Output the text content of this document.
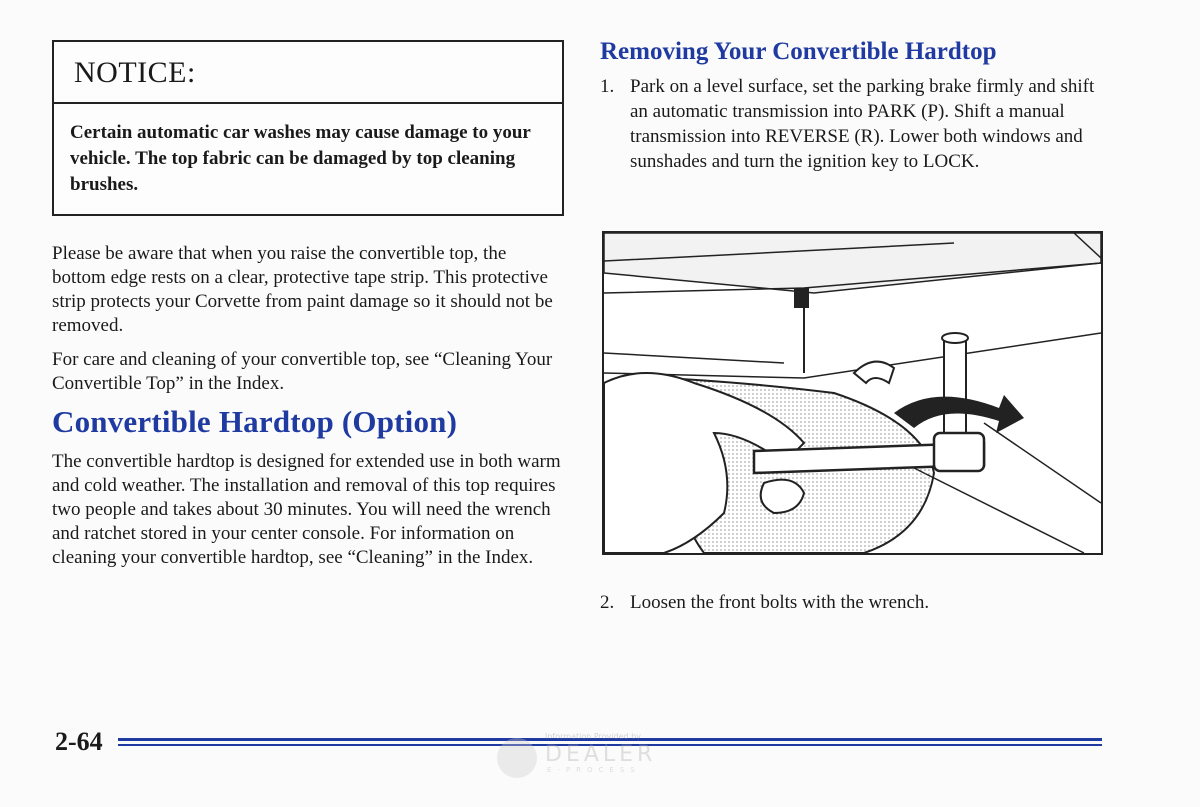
NOTICE:
Certain automatic car washes may cause damage to your vehicle. The top fabric can be damaged by top cleaning brushes.

Please be aware that when you raise the convertible top, the bottom edge rests on a clear, protective tape strip. This protective strip protects your Corvette from paint damage so it should not be removed.

For care and cleaning of your convertible top, see “Cleaning Your Convertible Top” in the Index.

Convertible Hardtop (Option)

The convertible hardtop is designed for extended use in both warm and cold weather. The installation and removal of this top requires two people and takes about 30 minutes. You will need the wrench and ratchet stored in your center console. For information on cleaning your convertible hardtop, see “Cleaning” in the Index.

Removing Your Convertible Hardtop
1. Park on a level surface, set the parking brake firmly and shift an automatic transmission into PARK (P). Shift a manual transmission into REVERSE (R). Lower both windows and sunshades and turn the ignition key to LOCK.
2. Loosen the front bolts with the wrench.
2-64	Information Provided by
DEALER
E-PROCESS
